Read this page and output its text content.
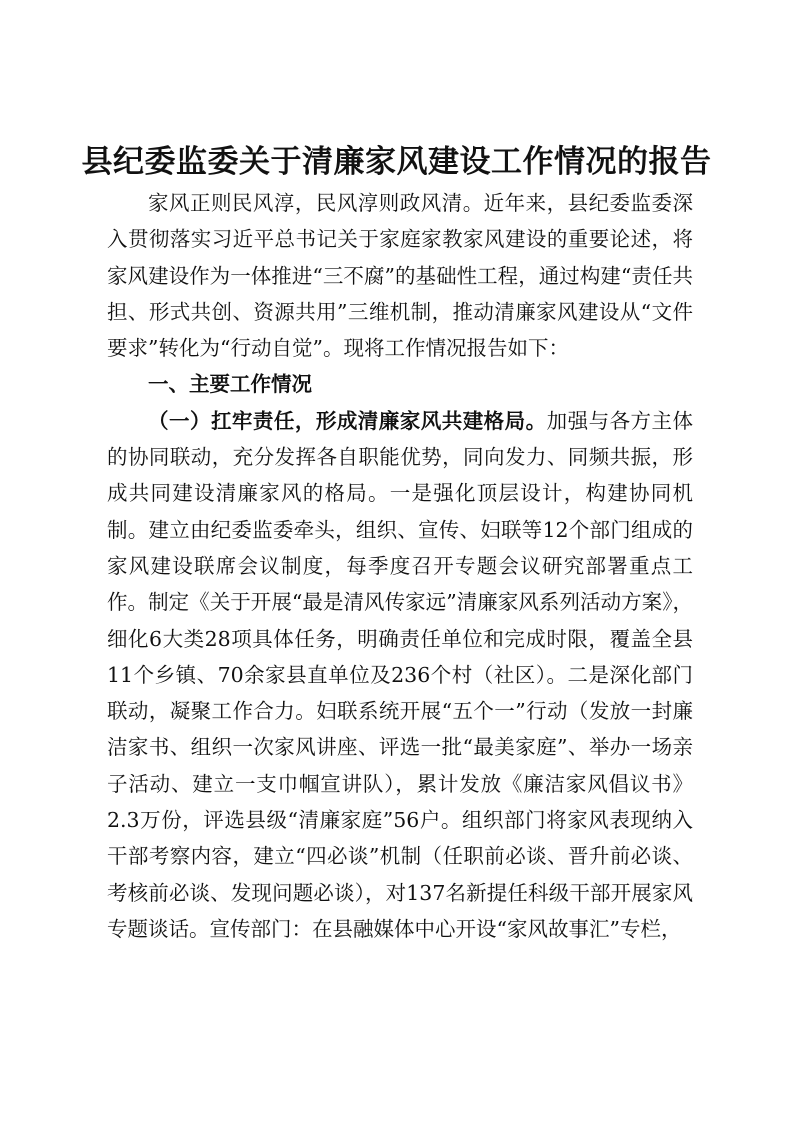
县纪委监委关于清廉家风建设工作情况的报告

家风正则民风淳，民风淳则政风清。近年来，县纪委监委深入贯彻落实习近平总书记关于家庭家教家风建设的重要论述，将家风建设作为一体推进“三不腐”的基础性工程，通过构建“责任共担、形式共创、资源共用”三维机制，推动清廉家风建设从“文件要求”转化为“行动自觉”。现将工作情况报告如下：

一、主要工作情况

（一）扛牢责任，形成清廉家风共建格局。加强与各方主体的协同联动，充分发挥各自职能优势，同向发力、同频共振，形成共同建设清廉家风的格局。一是强化顶层设计，构建协同机制。建立由纪委监委牵头，组织、宣传、妇联等12个部门组成的家风建设联席会议制度，每季度召开专题会议研究部署重点工作。制定《关于开展“最是清风传家远”清廉家风系列活动方案》，细化6大类28项具体任务，明确责任单位和完成时限，覆盖全县11个乡镇、70余家县直单位及236个村（社区）。二是深化部门联动，凝聚工作合力。妇联系统开展“五个一”行动（发放一封廉洁家书、组织一次家风讲座、评选一批“最美家庭”、举办一场亲子活动、建立一支巾帼宣讲队），累计发放《廉洁家风倡议书》2.3万份，评选县级“清廉家庭”56户。组织部门将家风表现纳入干部考察内容，建立“四必谈”机制（任职前必谈、晋升前必谈、考核前必谈、发现问题必谈），对137名新提任科级干部开展家风专题谈话。宣传部门：在县融媒体中心开设“家风故事汇”专栏，
